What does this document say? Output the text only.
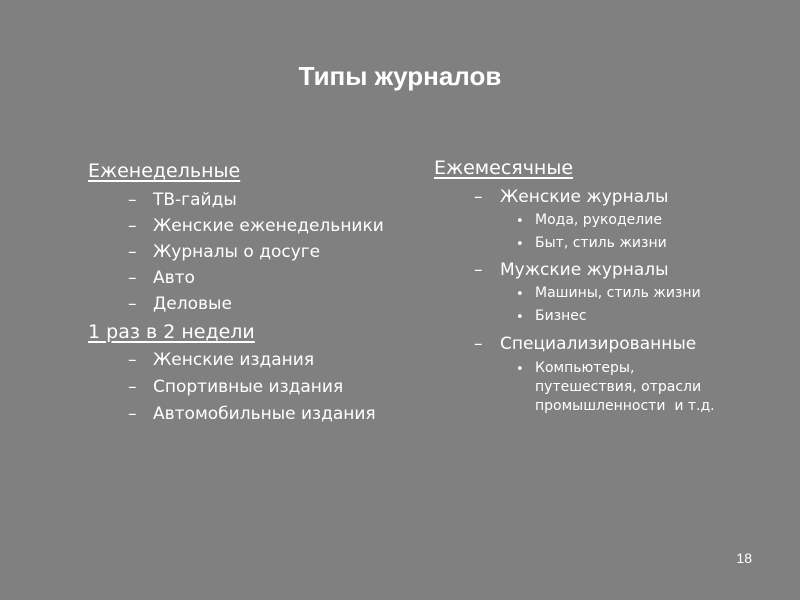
Типы журналов
Еженедельные
– ТВ-гайды
– Женские еженедельники
– Журналы о досуге
– Авто
– Деловые
1 раз в 2 недели
– Женские издания
– Спортивные издания
– Автомобильные издания
Ежемесячные
– Женские журналы
• Мода, рукоделие
• Быт, стиль жизни
– Мужские журналы
• Машины, стиль жизни
• Бизнес
– Специализированные
• Компьютеры,
путешествия, отрасли
промышленности  и т.д.
18
